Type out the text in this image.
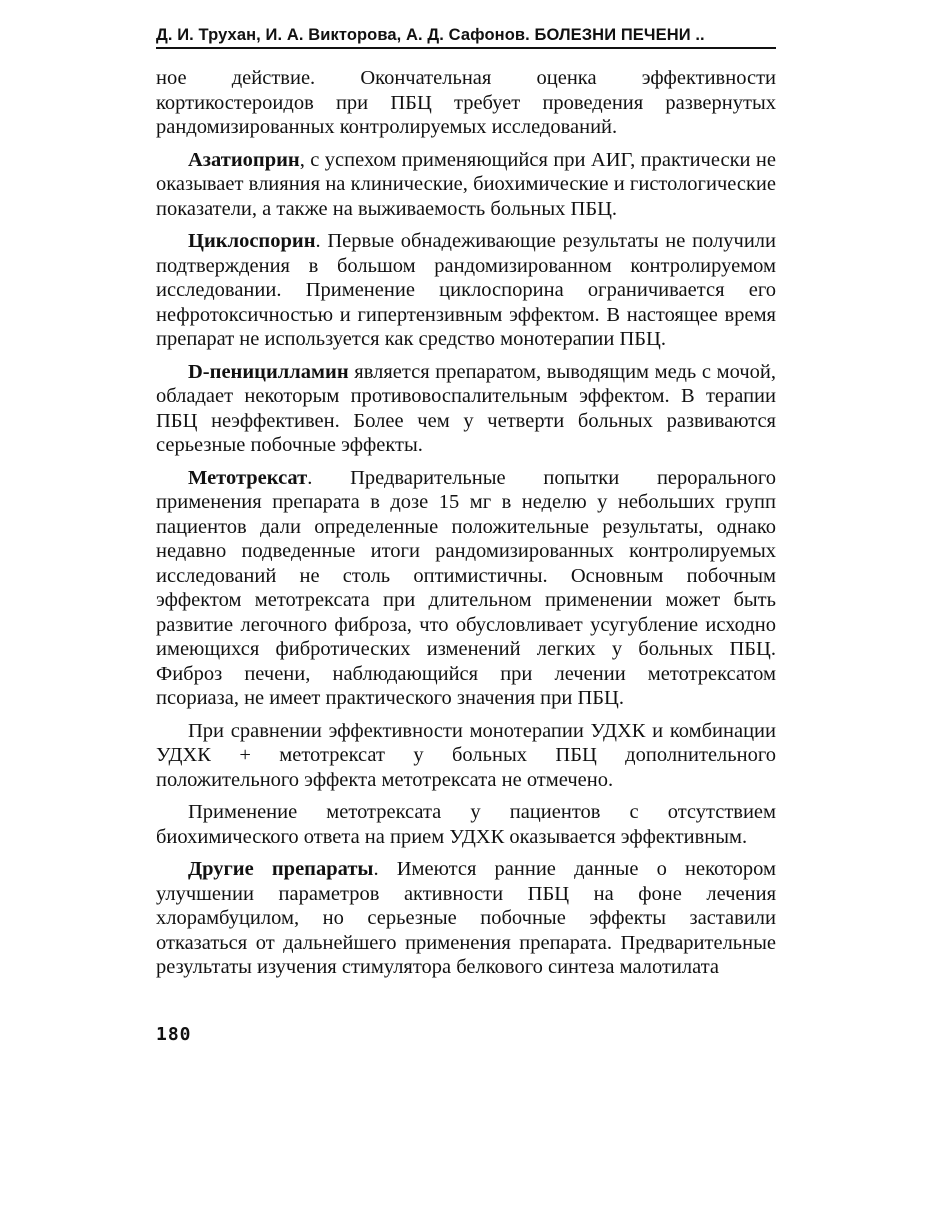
Д. И. Трухан, И. А. Викторова, А. Д. Сафонов. БОЛЕЗНИ ПЕЧЕНИ ..

ное действие. Окончательная оценка эффективности кортикостероидов при ПБЦ требует проведения развернутых рандомизированных контролируемых исследований.

Азатиоприн, с успехом применяющийся при АИГ, практически не оказывает влияния на клинические, биохимические и гистологические показатели, а также на выживаемость больных ПБЦ.

Циклоспорин. Первые обнадеживающие результаты не получили подтверждения в большом рандомизированном контролируемом исследовании. Применение циклоспорина ограничивается его нефротоксичностью и гипертензивным эффектом. В настоящее время препарат не используется как средство монотерапии ПБЦ.

D-пеницилламин является препаратом, выводящим медь с мочой, обладает некоторым противовоспалительным эффектом. В терапии ПБЦ неэффективен. Более чем у четверти больных развиваются серьезные побочные эффекты.

Метотрексат. Предварительные попытки перорального применения препарата в дозе 15 мг в неделю у небольших групп пациентов дали определенные положительные результаты, однако недавно подведенные итоги рандомизированных контролируемых исследований не столь оптимистичны. Основным побочным эффектом метотрексата при длительном применении может быть развитие легочного фиброза, что обусловливает усугубление исходно имеющихся фибротических изменений легких у больных ПБЦ. Фиброз печени, наблюдающийся при лечении метотрексатом псориаза, не имеет практического значения при ПБЦ.

При сравнении эффективности монотерапии УДХК и комбинации УДХК + метотрексат у больных ПБЦ дополнительного положительного эффекта метотрексата не отмечено.

Применение метотрексата у пациентов с отсутствием биохимического ответа на прием УДХК оказывается эффективным.

Другие препараты. Имеются ранние данные о некотором улучшении параметров активности ПБЦ на фоне лечения хлорамбуцилом, но серьезные побочные эффекты заставили отказаться от дальнейшего применения препарата. Предварительные результаты изучения стимулятора белкового синтеза малотилата

180
